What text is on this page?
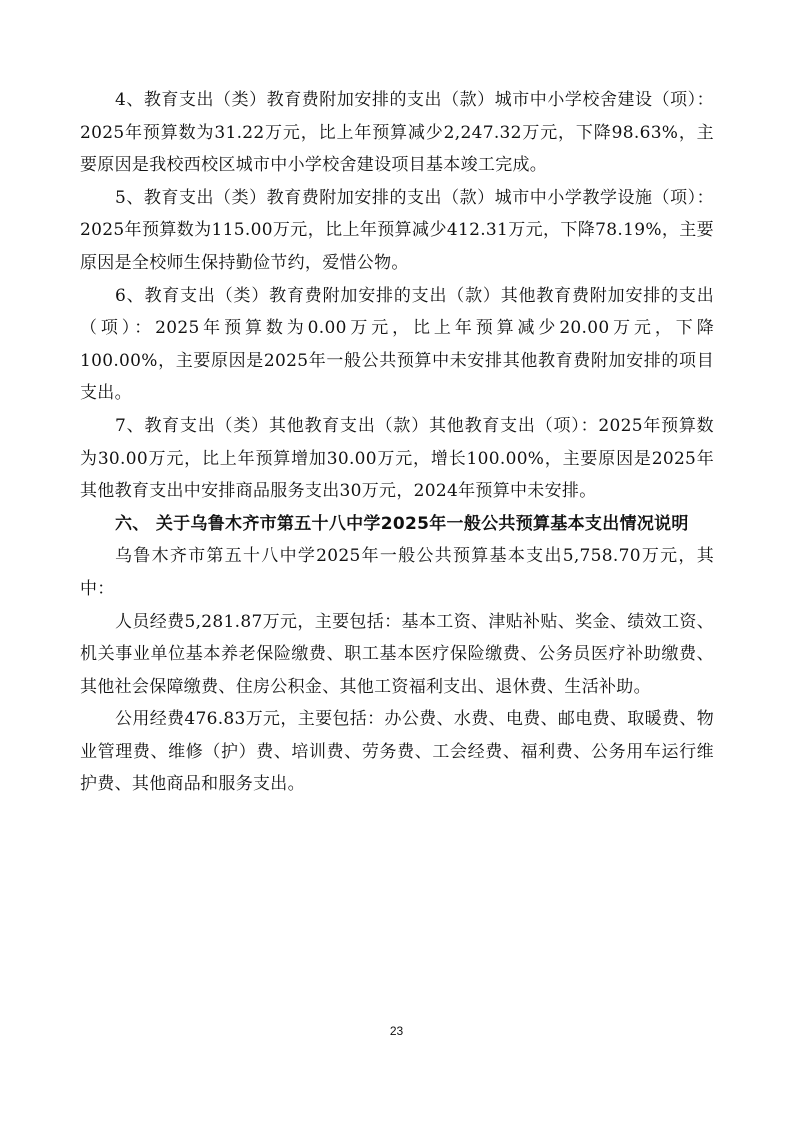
4、教育支出（类）教育费附加安排的支出（款）城市中小学校舍建设（项）：2025年预算数为31.22万元，比上年预算减少2,247.32万元，下降98.63%，主要原因是我校西校区城市中小学校舍建设项目基本竣工完成。

5、教育支出（类）教育费附加安排的支出（款）城市中小学教学设施（项）：2025年预算数为115.00万元，比上年预算减少412.31万元，下降78.19%，主要原因是全校师生保持勤俭节约，爱惜公物。

6、教育支出（类）教育费附加安排的支出（款）其他教育费附加安排的支出（项）：2025年预算数为0.00万元，比上年预算减少20.00万元，下降100.00%，主要原因是2025年一般公共预算中未安排其他教育费附加安排的项目支出。

7、教育支出（类）其他教育支出（款）其他教育支出（项）：2025年预算数为30.00万元，比上年预算增加30.00万元，增长100.00%，主要原因是2025年其他教育支出中安排商品服务支出30万元，2024年预算中未安排。

六、 关于乌鲁木齐市第五十八中学2025年一般公共预算基本支出情况说明

乌鲁木齐市第五十八中学2025年一般公共预算基本支出5,758.70万元，其中：

人员经费5,281.87万元，主要包括：基本工资、津贴补贴、奖金、绩效工资、机关事业单位基本养老保险缴费、职工基本医疗保险缴费、公务员医疗补助缴费、其他社会保障缴费、住房公积金、其他工资福利支出、退休费、生活补助。

公用经费476.83万元，主要包括：办公费、水费、电费、邮电费、取暖费、物业管理费、维修（护）费、培训费、劳务费、工会经费、福利费、公务用车运行维护费、其他商品和服务支出。

23
